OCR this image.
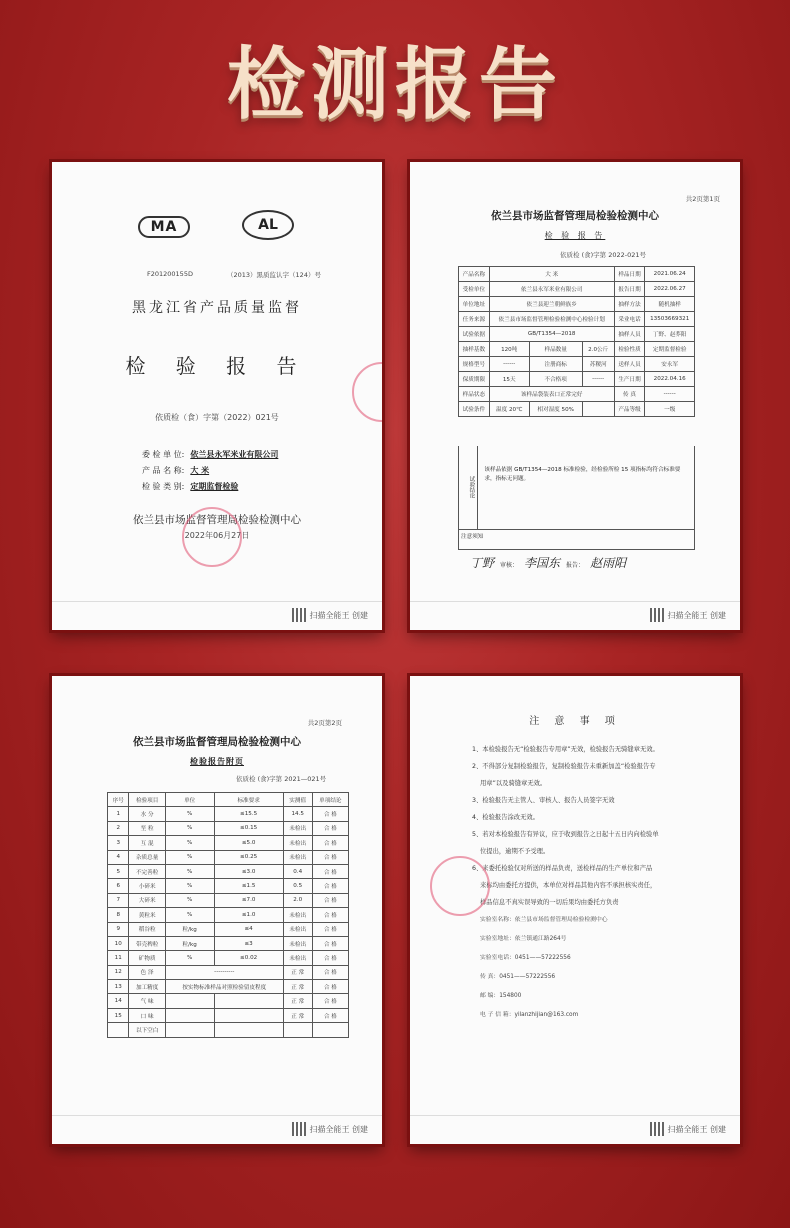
检测报告
MA	AL
F201200155D	（2013）黑质监认字（124）号
黑龙江省产品质量监督
检 验 报 告
依质检（食）字第（2022）021号
委 检 单 位: 依兰县永军米业有限公司
产 品 名 称: 大 米
检 验 类 别: 定期监督检验
依兰县市场监督管理局检验检测中心
2022年06月27日
扫描全能王 创建
共2页第1页
依兰县市场监督管理局检验检测中心
检 验 报 告
依质检 (食)字第 2022-021号
产品名称	大 米			样品日期	2021.06.24
受检单位	依兰县永军米业有限公司			报告日期	2022.06.27
单位地址	依兰县迎兰朝鲜族乡			抽样方法	随机抽样
任务来源	依兰县市场监督管理检验检测中心检验计划			采业电话	13503669321
试验依据	GB/T1354—2018			抽样人员	丁野、赵荞阳
抽样基数	120吨	样品数量	2.0公斤	检验性质	定期监督检验
规格型号	------	注册商标	苏稷河	送样人员	安永军
保质期限	15天	不合格项	------	生产日期	2022.04.16
样品状态	该样品袋装表口正常完好			传 真	------
试验条件	温度 20℃	相对湿度 50%		产品等级	一级
试验结论
该样品依据 GB/T1354—2018 标准检验，经检验所检 15 项指标均符合标准要求，指标无问题。
注意须知
丁野 审核： 李国东 报告： 赵雨阳
扫描全能王 创建
共2页第2页
依兰县市场监督管理局检验检测中心
检验报告附页
依质检 (食)字第 2021—021号
序号	检验项目	单位	标准要求	实测值	单项结论
1	水 分	%	≤15.5	14.5	合 格
2	垩 粒	%	≤0.15	未检出	合 格
3	互 混	%	≤5.0	未检出	合 格
4	杂质总量	%	≤0.25	未检出	合 格
5	不完善粒	%	≤3.0	0.4	合 格
6	小碎米	%	≤1.5	0.5	合 格
7	大碎米	%	≤7.0	2.0	合 格
8	黄粒米	%	≤1.0	未检出	合 格
9	稻谷粒	粒/kg	≤4	未检出	合 格
10	带壳稗粒	粒/kg	≤3	未检出	合 格
11	矿物质	%	≤0.02	未检出	合 格
12	色 泽	----------		正 常	合 格
13	加工精度	按实物标准样品对照检验留皮程度		正 常	合 格
14	气 味			正 常	合 格
15	口 味			正 常	合 格
	以下空白				
扫描全能王 创建
注 意 事 项
1、本检验报告无“检验报告专用章”无效，检验报告无骑缝章无效。
2、不得部分复制检验报告，复制检验报告未重新加盖“检验报告专
用章”以及骑缝章无效。
3、检验报告无主管人、审核人、报告人员签字无效
4、检验报告涂改无效。
5、若对本检验报告有异议，应于收到报告之日起十五日内向检验单
位提出，逾期不予受理。
6、来委托检验仅对所送的样品负责，送检样品的生产单位和产品
来标均由委托方提供，本单位对样品其他内容不承担核实责任，
样品信息不真实误导致的一切后果均由委托方负责
实验室名称：依兰县市场监督管理局检验检测中心
实验室地址：依兰镇通江路264号
实验室电话：0451——57222556
传 真：0451——57222556
邮 编：154800
电 子 信 箱：yilanzhijian@163.com
扫描全能王 创建
